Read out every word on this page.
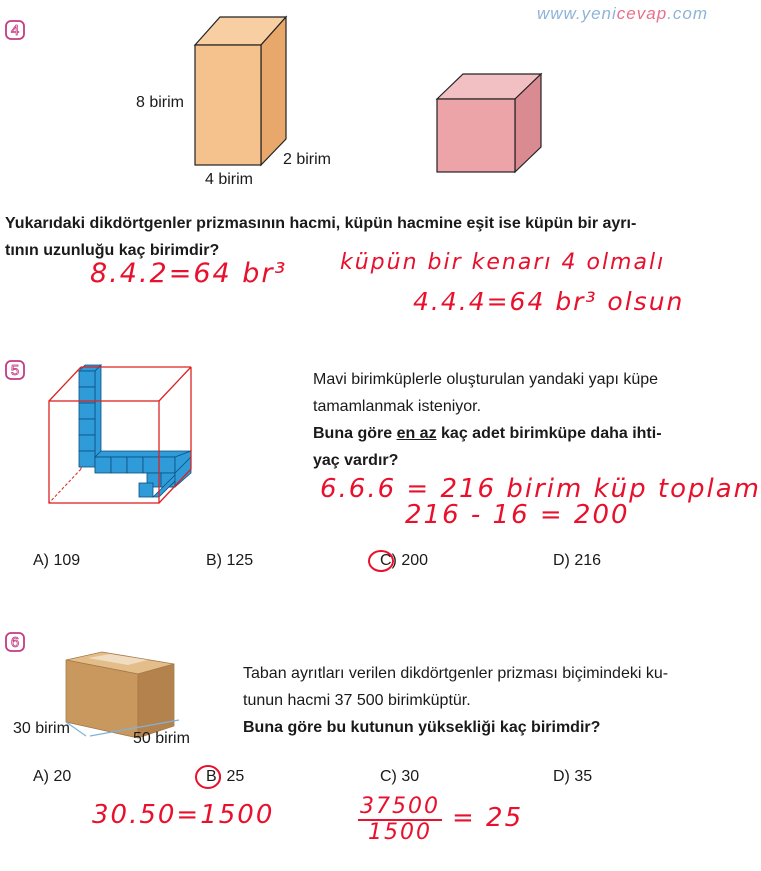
www.yenicevap.com
4
8 birim
2 birim
4 birim
Yukarıdaki dikdörtgenler prizmasının hacmi, küpün hacmine eşit ise küpün bir ayrı-
tının uzunluğu kaç birimdir?
8.4.2=64 br³ küpün bir kenarı 4 olmalı
4.4.4=64 br³ olsun
5
Mavi birimküplerle oluşturulan yandaki yapı küpe
tamamlanmak isteniyor.
Buna göre en az kaç adet birimküpe daha ihti-
yaç vardır?
6.6.6 = 216 birim küp toplam
216 - 16 = 200
A) 109	B) 125	C) 200	D) 216
6
30 birim
50 birim
Taban ayrıtları verilen dikdörtgenler prizması biçimindeki ku-
tunun hacmi 37 500 birimküptür.
Buna göre bu kutunun yüksekliği kaç birimdir?
A) 20	B) 25	C) 30	D) 35
30.50=1500	37500
1500 = 25
